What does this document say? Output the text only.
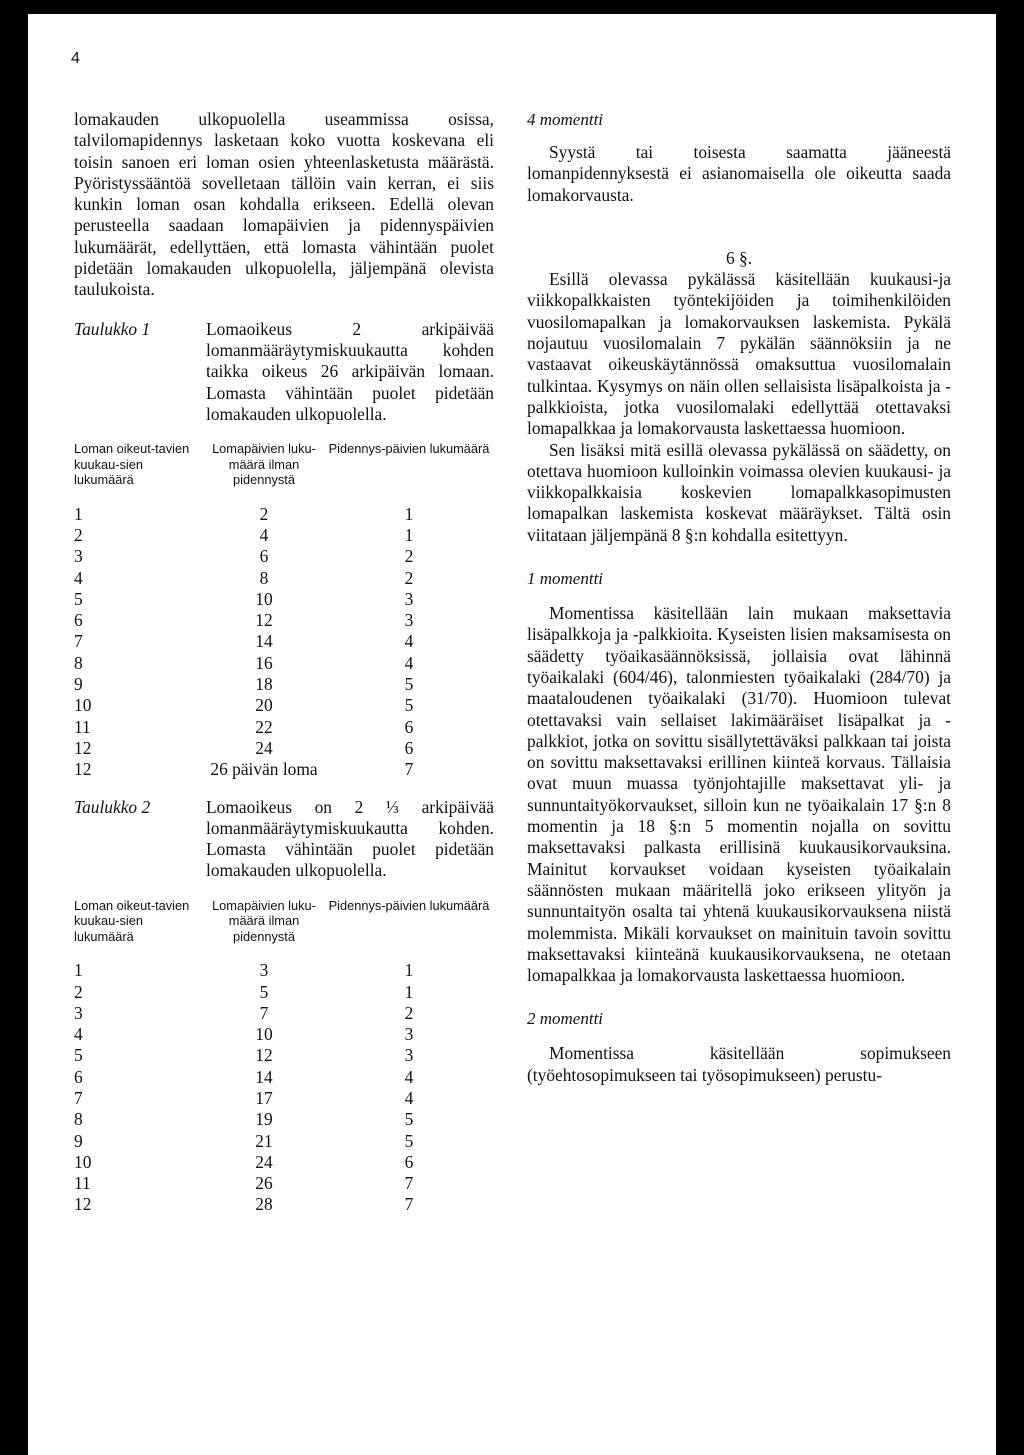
4

lomakauden ulkopuolella useammissa osissa, talvilomapidennys lasketaan koko vuotta koskevana eli toisin sanoen eri loman osien yhteenlasketusta määrästä. Pyöristyssääntöä sovelletaan tällöin vain kerran, ei siis kunkin loman osan kohdalla erikseen. Edellä olevan perusteella saadaan lomapäivien ja pidennyspäivien lukumäärät, edellyttäen, että lomasta vähintään puolet pidetään lomakauden ulkopuolella, jäljempänä olevista taulukoista.

Taulukko 1	Lomaoikeus 2 arkipäivää lomanmääräytymiskuukautta kohden taikka oikeus 26 arkipäivän lomaan. Lomasta vähintään puolet pidetään lomakauden ulkopuolella.
Loman oikeut-tavien kuukau-sien lukumäärä	Lomapäivien luku-määrä ilman pidennystä	Pidennys-päivien lukumäärä
1	2	1
2	4	1
3	6	2
4	8	2
5	10	3
6	12	3
7	14	4
8	16	4
9	18	5
10	20	5
11	22	6
12	24	6
12	26 päivän loma	7
Taulukko 2	Lomaoikeus on 2 ⅓ arkipäivää lomanmääräytymiskuukautta kohden. Lomasta vähintään puolet pidetään lomakauden ulkopuolella.
Loman oikeut-tavien kuukau-sien lukumäärä	Lomapäivien luku-määrä ilman pidennystä	Pidennys-päivien lukumäärä
1	3	1
2	5	1
3	7	2
4	10	3
5	12	3
6	14	4
7	17	4
8	19	5
9	21	5
10	24	6
11	26	7
12	28	7

4 momentti

Syystä tai toisesta saamatta jääneestä lomanpidennyksestä ei asianomaisella ole oikeutta saada lomakorvausta.

6 §.

Esillä olevassa pykälässä käsitellään kuukausi-ja viikkopalkkaisten työntekijöiden ja toimihenkilöiden vuosilomapalkan ja lomakorvauksen laskemista. Pykälä nojautuu vuosilomalain 7 pykälän säännöksiin ja ne vastaavat oikeuskäytännössä omaksuttua vuosilomalain tulkintaa. Kysymys on näin ollen sellaisista lisäpalkoista ja -palkkioista, jotka vuosilomalaki edellyttää otettavaksi lomapalkkaa ja lomakorvausta laskettaessa huomioon.

Sen lisäksi mitä esillä olevassa pykälässä on säädetty, on otettava huomioon kulloinkin voimassa olevien kuukausi- ja viikkopalkkaisia koskevien lomapalkkasopimusten lomapalkan laskemista koskevat määräykset. Tältä osin viitataan jäljempänä 8 §:n kohdalla esitettyyn.

1 momentti

Momentissa käsitellään lain mukaan maksettavia lisäpalkkoja ja -palkkioita. Kyseisten lisien maksamisesta on säädetty työaikasäännöksissä, jollaisia ovat lähinnä työaikalaki (604/46), talonmiesten työaikalaki (284/70) ja maataloudenen työaikalaki (31/70). Huomioon tulevat otettavaksi vain sellaiset lakimääräiset lisäpalkat ja -palkkiot, jotka on sovittu sisällytettäväksi palkkaan tai joista on sovittu maksettavaksi erillinen kiinteä korvaus. Tällaisia ovat muun muassa työnjohtajille maksettavat yli- ja sunnuntaityökorvaukset, silloin kun ne työaikalain 17 §:n 8 momentin ja 18 §:n 5 momentin nojalla on sovittu maksettavaksi palkasta erillisinä kuukausikorvauksina. Mainitut korvaukset voidaan kyseisten työaikalain säännösten mukaan määritellä joko erikseen ylityön ja sunnuntaityön osalta tai yhtenä kuukausikorvauksena niistä molemmista. Mikäli korvaukset on mainituin tavoin sovittu maksettavaksi kiinteänä kuukausikorvauksena, ne otetaan lomapalkkaa ja lomakorvausta laskettaessa huomioon.

2 momentti

Momentissa käsitellään sopimukseen (työehtosopimukseen tai työsopimukseen) perustu-
